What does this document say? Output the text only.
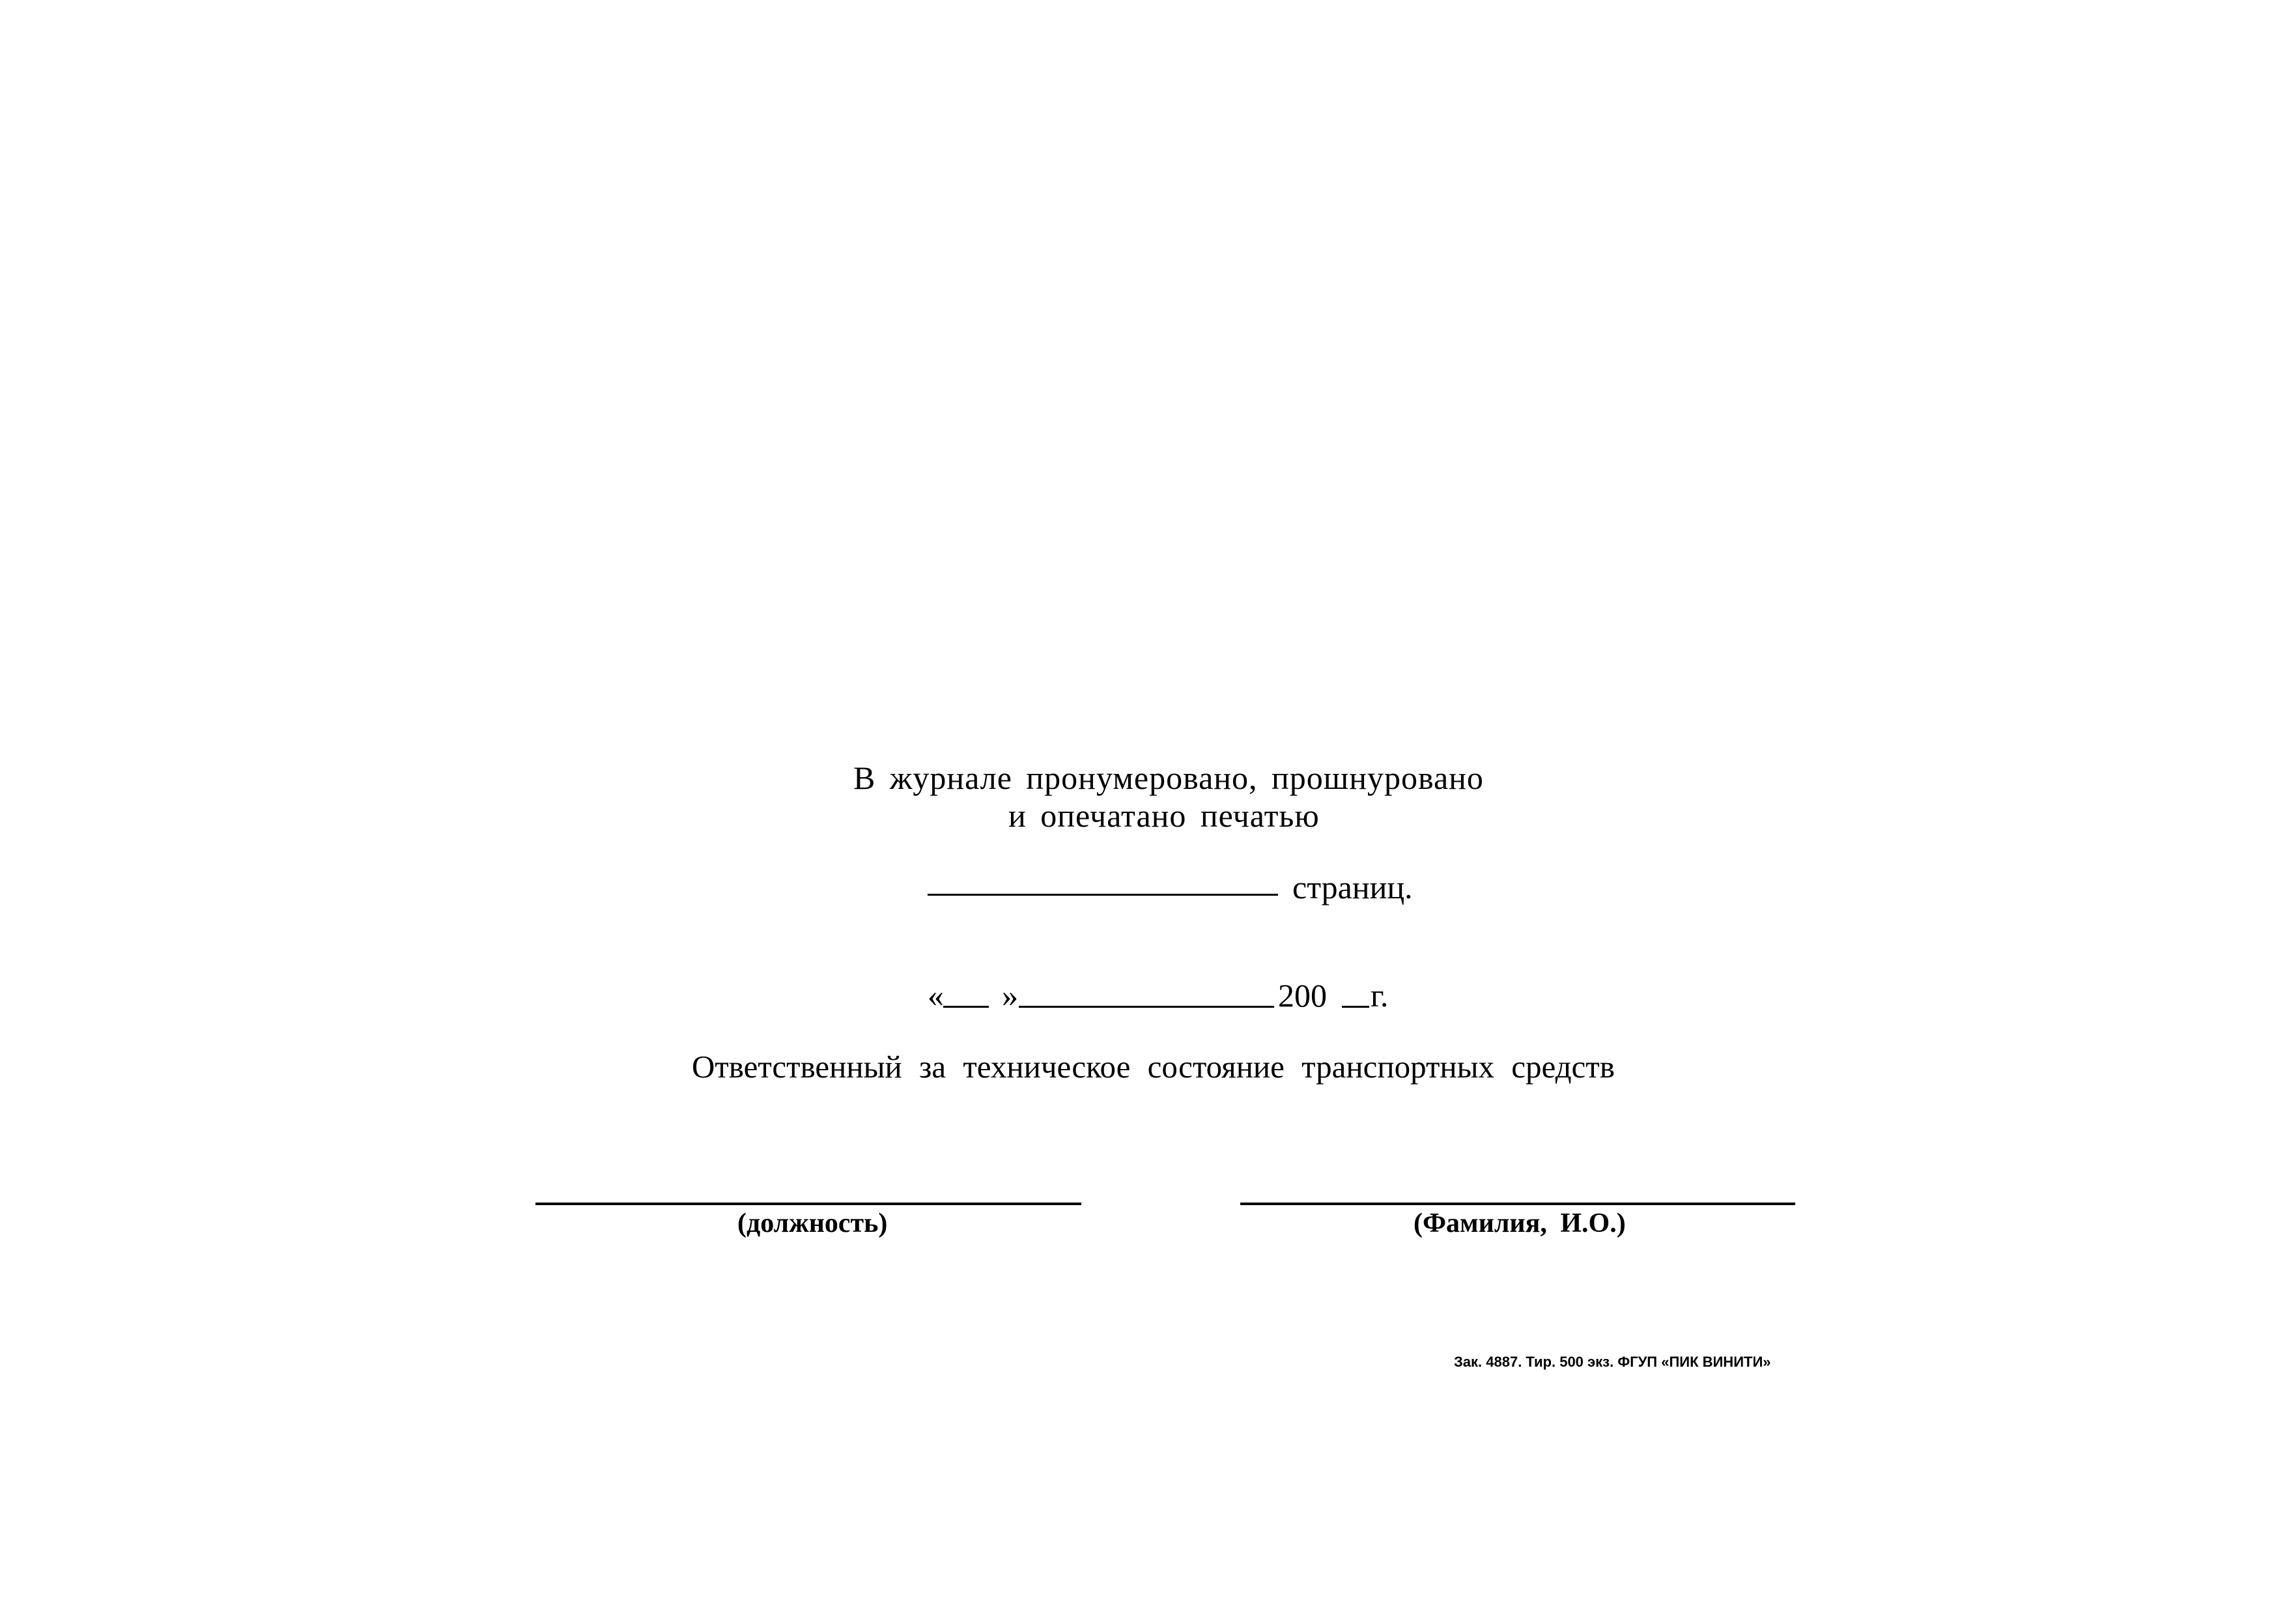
В журнале пронумеровано, прошнуровано
и опечатано печатью
страниц.
« »	200 г.
Ответственный за техническое состояние транспортных средств
(должность)	(Фамилия, И.О.)
Зак. 4887. Тир. 500 экз. ФГУП «ПИК ВИНИТИ»
